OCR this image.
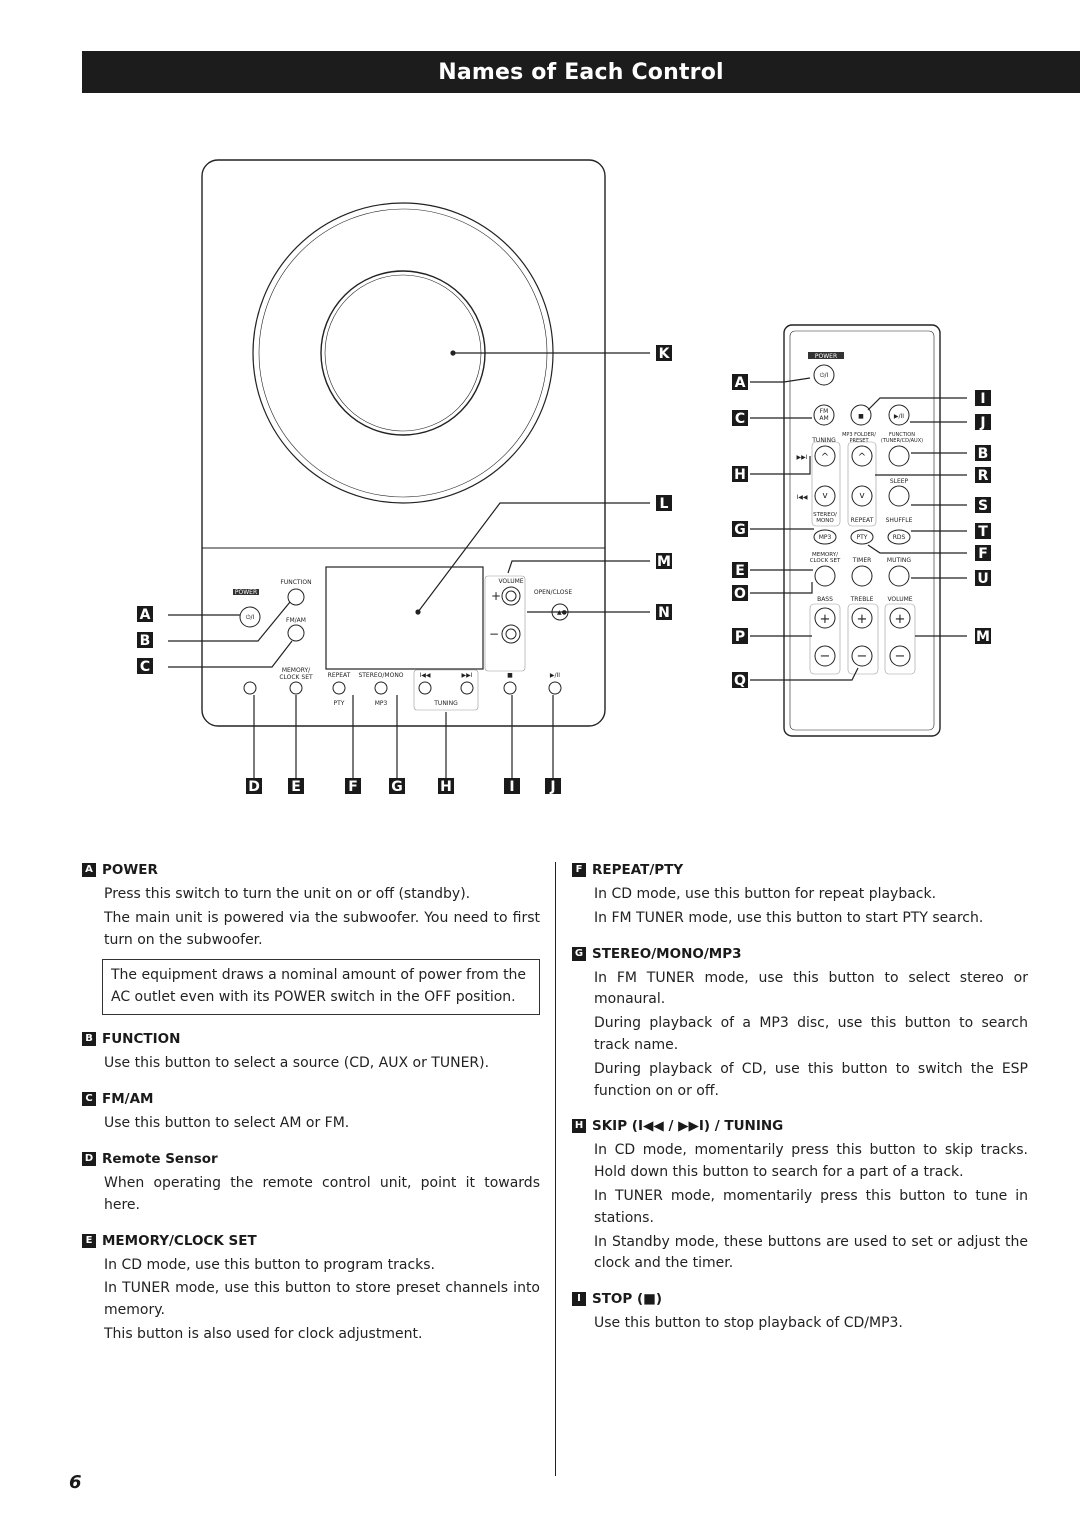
Names of Each Control
POWER
⏻/I
FUNCTION
FM/AM
MEMORY/
CLOCK SET REPEAT
PTY
STEREO/MONO
MP3
I◀◀	▶▶I
TUNING
■	▶/II
VOLUME
OPEN/CLOSE
+
−
▲●
A
B
C
K
L
M
N
D E	F G	H	I	J
POWER
⏻/I
FM
AM	■	▶/II
MP3 FOLDER/
PRESET
FUNCTION
(TUNER/CD/AUX)
TUNING
▶▶I
I◀◀
^	^
v	v
SLEEP
STEREO/
MONO	REPEAT SHUFFLE
MP3	PTY	RDS
MEMORY/
CLOCK SET TIMER	MUTING
BASS	TREBLE VOLUME
+ + +
− − −
A
C
H
G
E
O
P
Q
I
J
B
R
S
T
F
U
M
A POWER

Press this switch to turn the unit on or off (standby).

The main unit is powered via the subwoofer. You need to first turn on the subwoofer.

The equipment draws a nominal amount of power from the AC outlet even with its POWER switch in the OFF position.
B FUNCTION

Use this button to select a source (CD, AUX or TUNER).

C FM/AM

Use this button to select AM or FM.

D Remote Sensor

When operating the remote control unit, point it towards here.

E MEMORY/CLOCK SET

In CD mode, use this button to program tracks.

In TUNER mode, use this button to store preset channels into memory.

This button is also used for clock adjustment.

F REPEAT/PTY

In CD mode, use this button for repeat playback.

In FM TUNER mode, use this button to start PTY search.

G STEREO/MONO/MP3

In FM TUNER mode, use this button to select stereo or monaural.

During playback of a MP3 disc, use this button to search track name.

During playback of CD, use this button to switch the ESP function on or off.

H SKIP (I◀◀ / ▶▶I) / TUNING

In CD mode, momentarily press this button to skip tracks. Hold down this button to search for a part of a track.

In TUNER mode, momentarily press this button to tune in stations.

In Standby mode, these buttons are used to set or adjust the clock and the timer.

I STOP (■)

Use this button to stop playback of CD/MP3.

6
